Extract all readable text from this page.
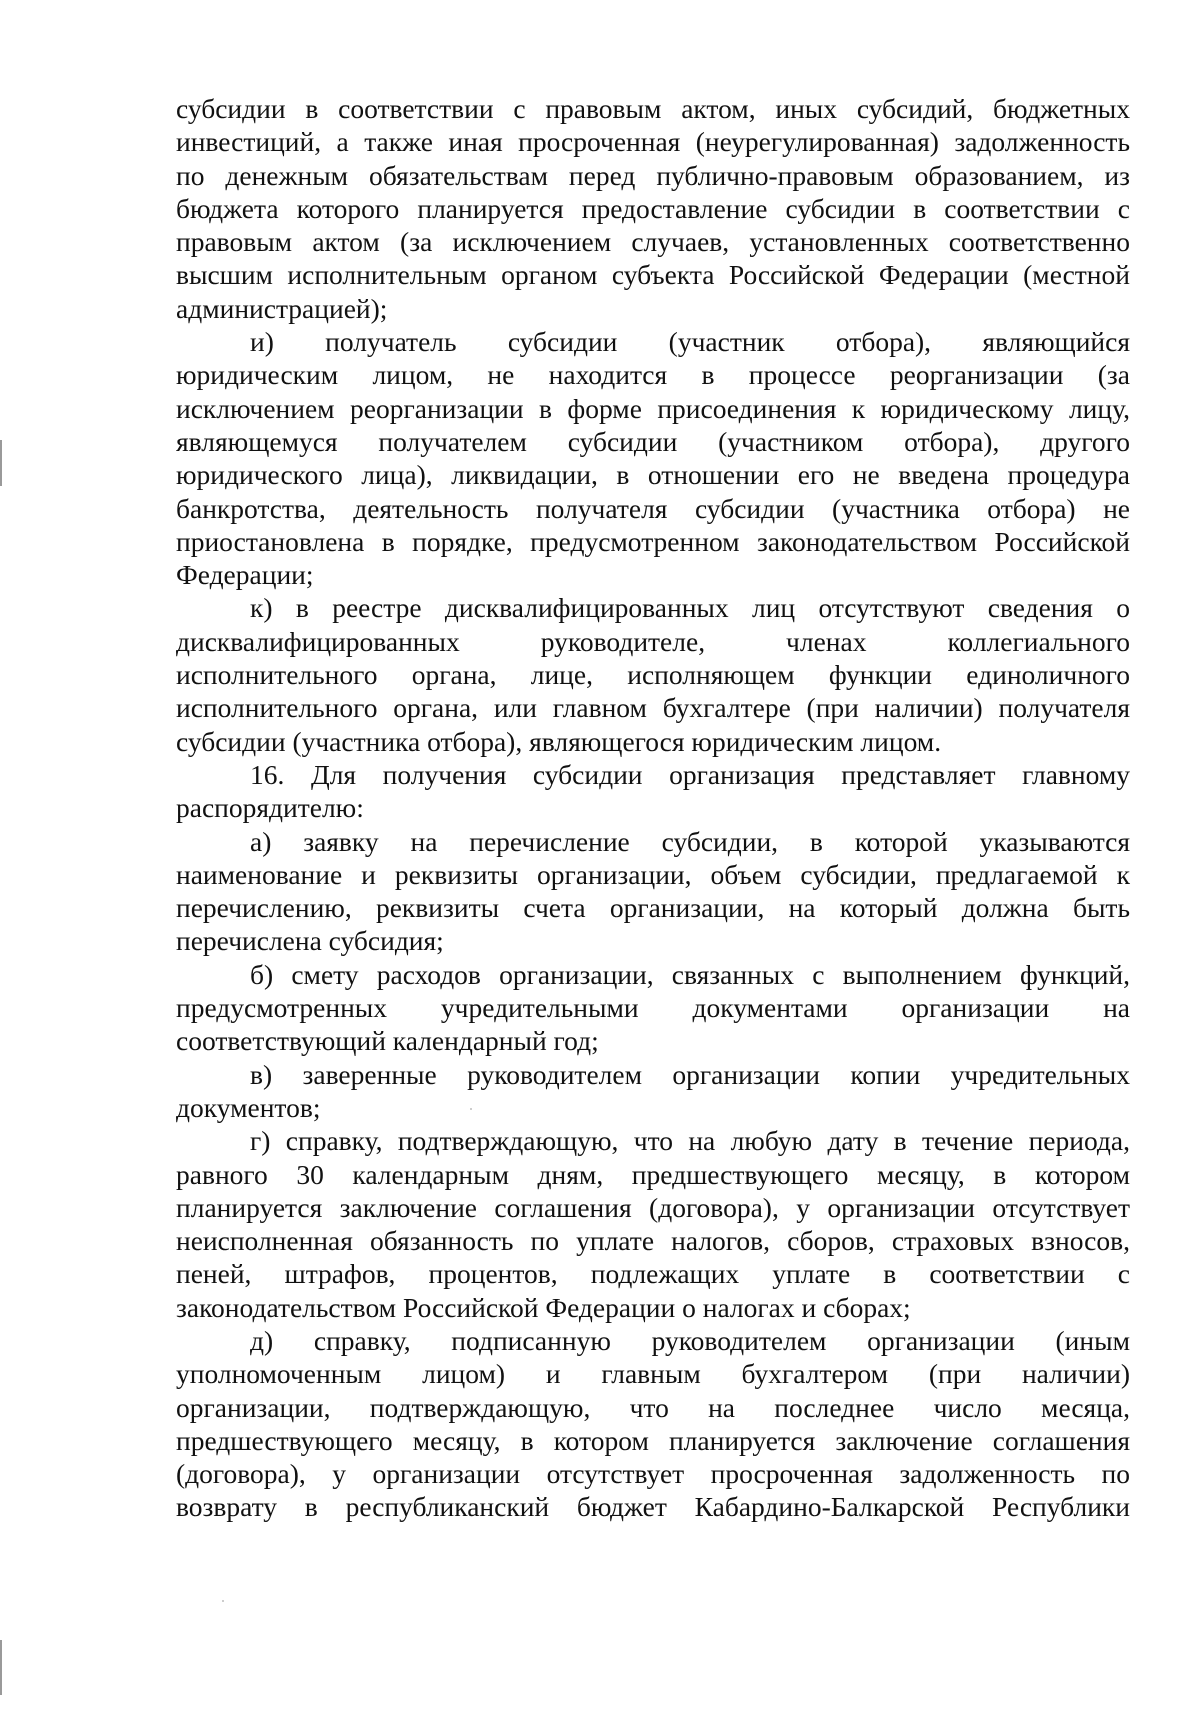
субсидии в соответствии с правовым актом, иных субсидий, бюджетных
инвестиций, а также иная просроченная (неурегулированная) задолженность
по денежным обязательствам перед публично-правовым образованием, из
бюджета которого планируется предоставление субсидии в соответствии с
правовым актом (за исключением случаев, установленных соответственно
высшим исполнительным органом субъекта Российской Федерации (местной
администрацией);
и) получатель субсидии (участник отбора), являющийся
юридическим лицом, не находится в процессе реорганизации (за
исключением реорганизации в форме присоединения к юридическому лицу,
являющемуся получателем субсидии (участником отбора), другого
юридического лица), ликвидации, в отношении его не введена процедура
банкротства, деятельность получателя субсидии (участника отбора) не
приостановлена в порядке, предусмотренном законодательством Российской
Федерации;
к) в реестре дисквалифицированных лиц отсутствуют сведения о
дисквалифицированных руководителе, членах коллегиального
исполнительного органа, лице, исполняющем функции единоличного
исполнительного органа, или главном бухгалтере (при наличии) получателя
субсидии (участника отбора), являющегося юридическим лицом.
16. Для получения субсидии организация представляет главному
распорядителю:
а) заявку на перечисление субсидии, в которой указываются
наименование и реквизиты организации, объем субсидии, предлагаемой к
перечислению, реквизиты счета организации, на который должна быть
перечислена субсидия;
б) смету расходов организации, связанных с выполнением функций,
предусмотренных учредительными документами организации на
соответствующий календарный год;
в) заверенные руководителем организации копии учредительных
документов;
г) справку, подтверждающую, что на любую дату в течение периода,
равного 30 календарным дням, предшествующего месяцу, в котором
планируется заключение соглашения (договора), у организации отсутствует
неисполненная обязанность по уплате налогов, сборов, страховых взносов,
пеней, штрафов, процентов, подлежащих уплате в соответствии с
законодательством Российской Федерации о налогах и сборах;
д) справку, подписанную руководителем организации (иным
уполномоченным лицом) и главным бухгалтером (при наличии)
организации, подтверждающую, что на последнее число месяца,
предшествующего месяцу, в котором планируется заключение соглашения
(договора), у организации отсутствует просроченная задолженность по
возврату в республиканский бюджет Кабардино-Балкарской Республики
